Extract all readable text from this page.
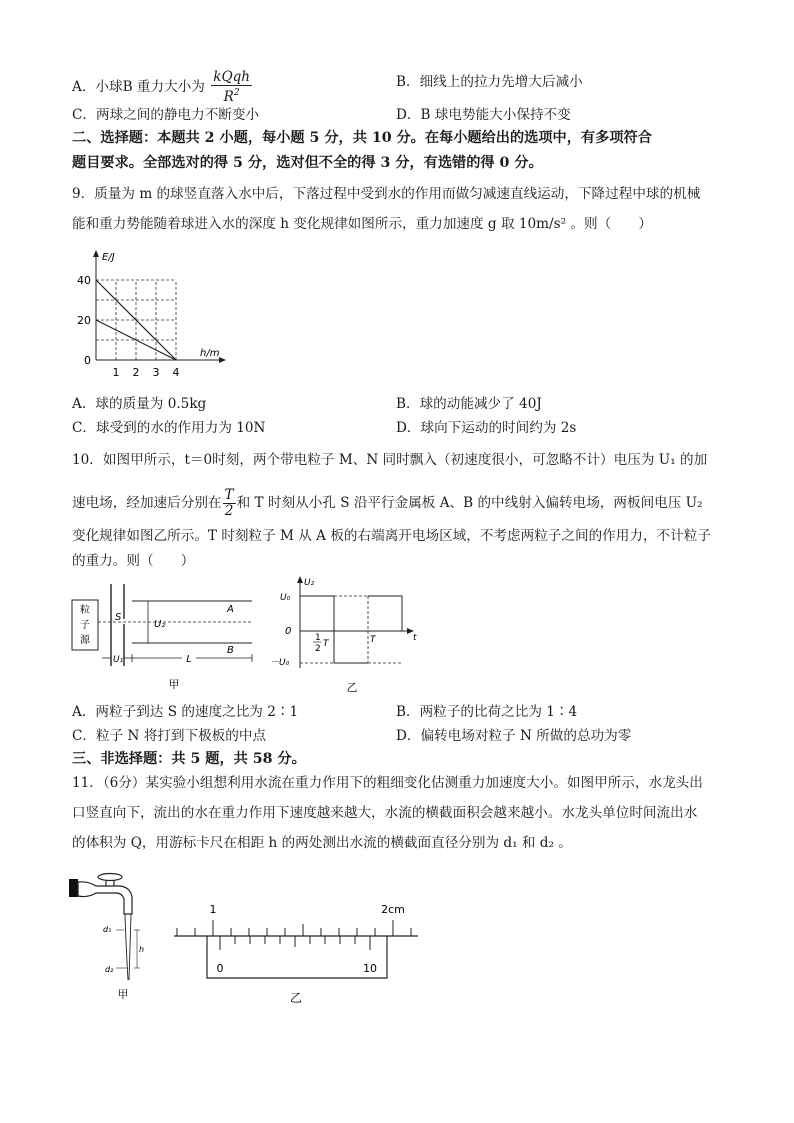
A．小球B 重力大小为 $\frac{\text{kQqh}}{R^2}$	B．细线上的拉力先增大后减小
C．两球之间的静电力不断变小	D．B 球电势能大小保持不变
二、选择题：本题共 2 小题，每小题 5 分，共 10 分。在每小题给出的选项中，有多项符合
题目要求。全部选对的得 5 分，选对但不全的得 3 分，有选错的得 0 分。
9．质量为 m 的球竖直落入水中后，下落过程中受到水的作用而做匀减速直线运动，下降过程中球的机械
能和重力势能随着球进入水的深度 h 变化规律如图所示，重力加速度 g 取 10m/s² 。则（　　）
E/J
h/m
40
20
0
1 2 3 4
A．球的质量为 0.5kg	B．球的动能减少了 40J
C．球受到的水的作用力为 10N	D．球向下运动的时间约为 2s
10．如图甲所示，t＝0时刻，两个带电粒子 M、N 同时飘入（初速度很小，可忽略不计）电压为 U₁ 的加
速电场，经加速后分别在 $\frac{T}{2}$ 和 T 时刻从小孔 S 沿平行金属板 A、B 的中线射入偏转电场，两板间电压 U₂
变化规律如图乙所示。T 时刻粒子 M 从 A 板的右端离开电场区域，不考虑两粒子之间的作用力，不计粒子
的重力。则（　　）
粒
子
源
S
A
B
U₂
U₁	L
甲
U₂
t
U₀
0
－U₀
1
2 T	T
乙
A．两粒子到达 S 的速度之比为 2∶1	B．两粒子的比荷之比为 1∶4
C．粒子 N 将打到下极板的中点	D．偏转电场对粒子 N 所做的总功为零
三、非选择题：共 5 题，共 58 分。
11．（6分）某实验小组想利用水流在重力作用下的粗细变化估测重力加速度大小。如图甲所示，水龙头出
口竖直向下，流出的水在重力作用下速度越来越大，水流的横截面积会越来越小。水龙头单位时间流出水
的体积为 Q，用游标卡尺在相距 h 的两处测出水流的横截面直径分别为 d₁ 和 d₂ 。
d₁
d₂
h
甲
1	2cm
0	10
乙
